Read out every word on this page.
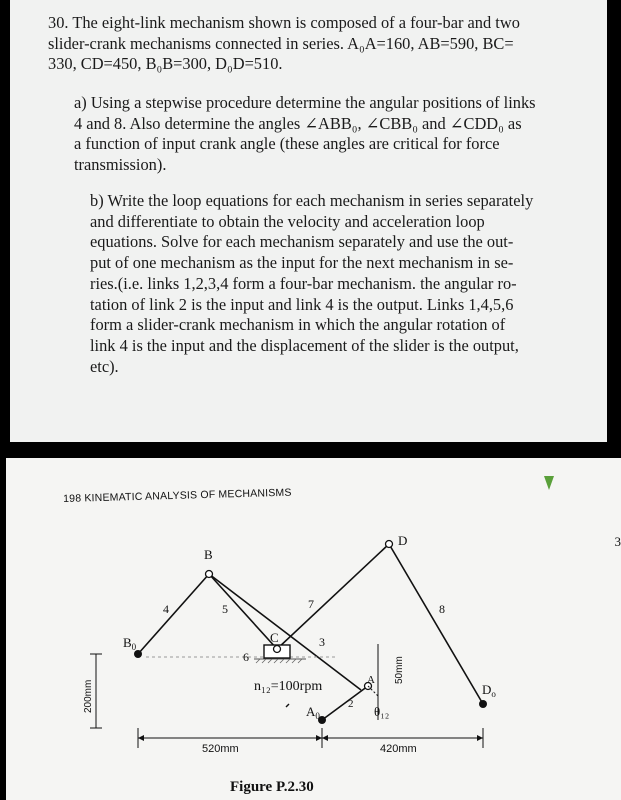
30. The eight-link mechanism shown is composed of a four-bar and two
slider-crank mechanisms connected in series. A₀A=160, AB=590, BC=
330, CD=450, B₀B=300, D₀D=510.

a) Using a stepwise procedure determine the angular positions of links
4 and 8. Also determine the angles ∠ABB₀, ∠CBB₀ and ∠CDD₀ as
a function of input crank angle (these angles are critical for force
transmission).

b) Write the loop equations for each mechanism in series separately
and differentiate to obtain the velocity and acceleration loop
equations. Solve for each mechanism separately and use the out-
put of one mechanism as the input for the next mechanism in se-
ries.(i.e. links 1,2,3,4 form a four-bar mechanism. the angular ro-
tation of link 2 is the input and link 4 is the output. Links 1,4,5,6
form a slider-crank mechanism in which the angular rotation of
link 4 is the input and the displacement of the slider is the output,
etc).

198 KINEMATIC ANALYSIS OF MECHANISMS
3
B
C
D
A
$B_0$
$A_0$
$D_o$
4	5	7
3
6
2
8
n₁₂=100rpm
θ₁₂
200mm
50mm
520mm	420mm
Figure P.2.30
